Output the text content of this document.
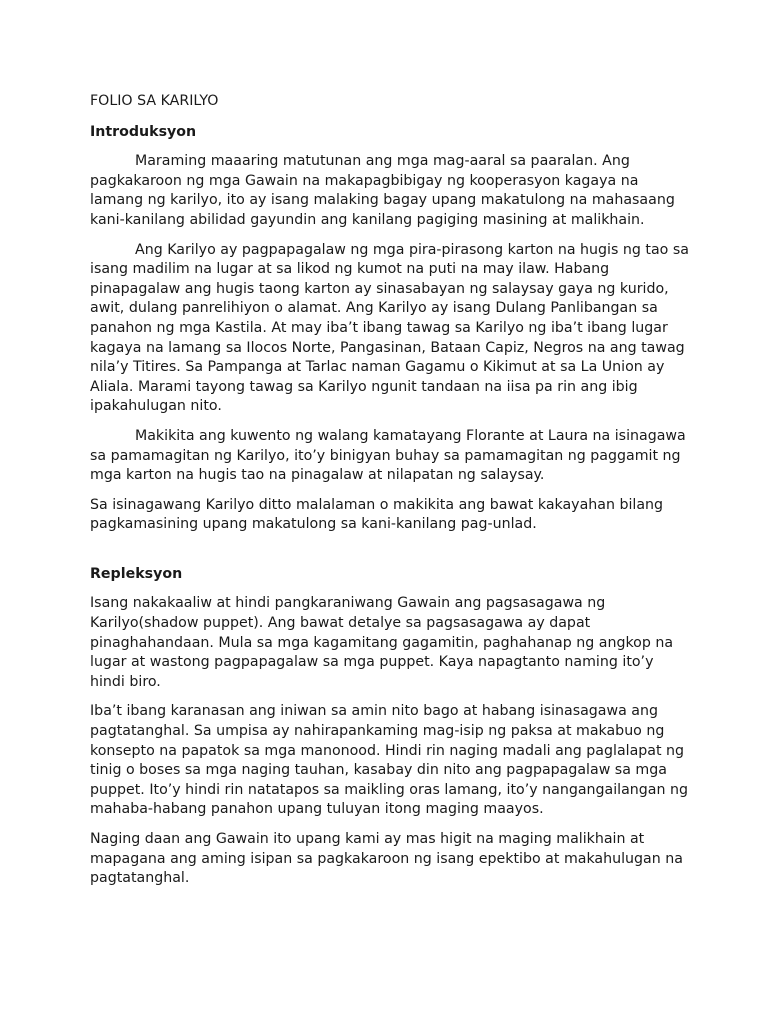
FOLIO SA KARILYO
Introduksyon

Maraming maaaring matutunan ang mga mag-aaral sa paaralan. Ang pagkakaroon ng mga Gawain na makapagbibigay ng kooperasyon kagaya na lamang ng karilyo, ito ay isang malaking bagay upang makatulong na mahasaang kani-kanilang abilidad gayundin ang kanilang pagiging masining at malikhain.

Ang Karilyo ay pagpapagalaw ng mga pira-pirasong karton na hugis ng tao sa isang madilim na lugar at sa likod ng kumot na puti na may ilaw. Habang pinapagalaw ang hugis taong karton ay sinasabayan ng salaysay gaya ng kurido, awit, dulang panrelihiyon o alamat. Ang Karilyo ay isang Dulang Panlibangan sa panahon ng mga Kastila. At may iba’t ibang tawag sa Karilyo ng iba’t ibang lugar kagaya na lamang sa Ilocos Norte, Pangasinan, Bataan Capiz, Negros na ang tawag nila’y Titires. Sa Pampanga at Tarlac naman Gagamu o Kikimut at sa La Union ay Aliala. Marami tayong tawag sa Karilyo ngunit tandaan na iisa pa rin ang ibig ipakahulugan nito.

Makikita ang kuwento ng walang kamatayang Florante at Laura na isinagawa sa pamamagitan ng Karilyo, ito’y binigyan buhay sa pamamagitan ng paggamit ng mga karton na hugis tao na pinagalaw at nilapatan ng salaysay.

Sa isinagawang Karilyo ditto malalaman o makikita ang bawat kakayahan bilang pagkamasining upang makatulong sa kani-kanilang pag-unlad.

Repleksyon

Isang nakakaaliw at hindi pangkaraniwang Gawain ang pagsasagawa ng Karilyo(shadow puppet). Ang bawat detalye sa pagsasagawa ay dapat pinaghahandaan. Mula sa mga kagamitang gagamitin, paghahanap ng angkop na lugar at wastong pagpapagalaw sa mga puppet. Kaya napagtanto naming ito’y hindi biro.

Iba’t ibang karanasan ang iniwan sa amin nito bago at habang isinasagawa ang pagtatanghal. Sa umpisa ay nahirapankaming mag-isip ng paksa at makabuo ng konsepto na papatok sa mga manonood. Hindi rin naging madali ang paglalapat ng tinig o boses sa mga naging tauhan, kasabay din nito ang pagpapagalaw sa mga puppet. Ito’y hindi rin natatapos sa maikling oras lamang, ito’y nangangailangan ng mahaba-habang panahon upang tuluyan itong maging maayos.

Naging daan ang Gawain ito upang kami ay mas higit na maging malikhain at mapagana ang aming isipan sa pagkakaroon ng isang epektibo at makahulugan na pagtatanghal.
